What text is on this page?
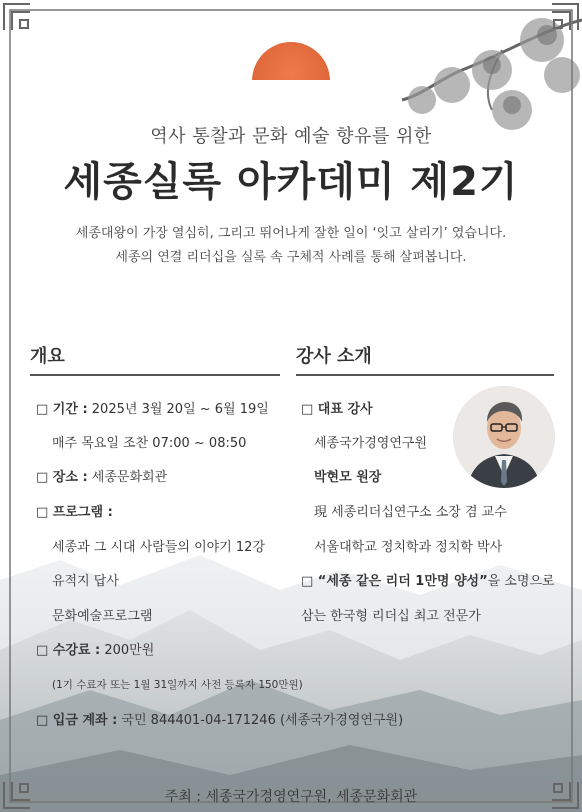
역사 통찰과 문화 예술 향유를 위한
세종실록 아카데미 제2기
세종대왕이 가장 열심히, 그리고 뛰어나게 잘한 일이 ‘잇고 살리기’ 였습니다.
세종의 연결 리더십을 실록 속 구체적 사례를 통해 살펴봅니다.
개요
□ 기간 : 2025년 3월 20일 ~ 6월 19일
매주 목요일 조찬 07:00 ~ 08:50
□ 장소 : 세종문화회관
□ 프로그램 :
세종과 그 시대 사람들의 이야기 12강
유적지 답사
문화예술프로그램
□ 수강료 : 200만원
(1기 수료자 또는 1월 31일까지 사전 등록자 150만원)
□ 입금 계좌 : 국민 844401-04-171246 (세종국가경영연구원)
강사 소개
□ 대표 강사
세종국가경영연구원
박현모 원장
現 세종리더십연구소 소장 겸 교수
서울대학교 정치학과 정치학 박사
□ “세종 같은 리더 1만명 양성”을 소명으로
삼는 한국형 리더십 최고 전문가
주최 : 세종국가경영연구원, 세종문화회관
